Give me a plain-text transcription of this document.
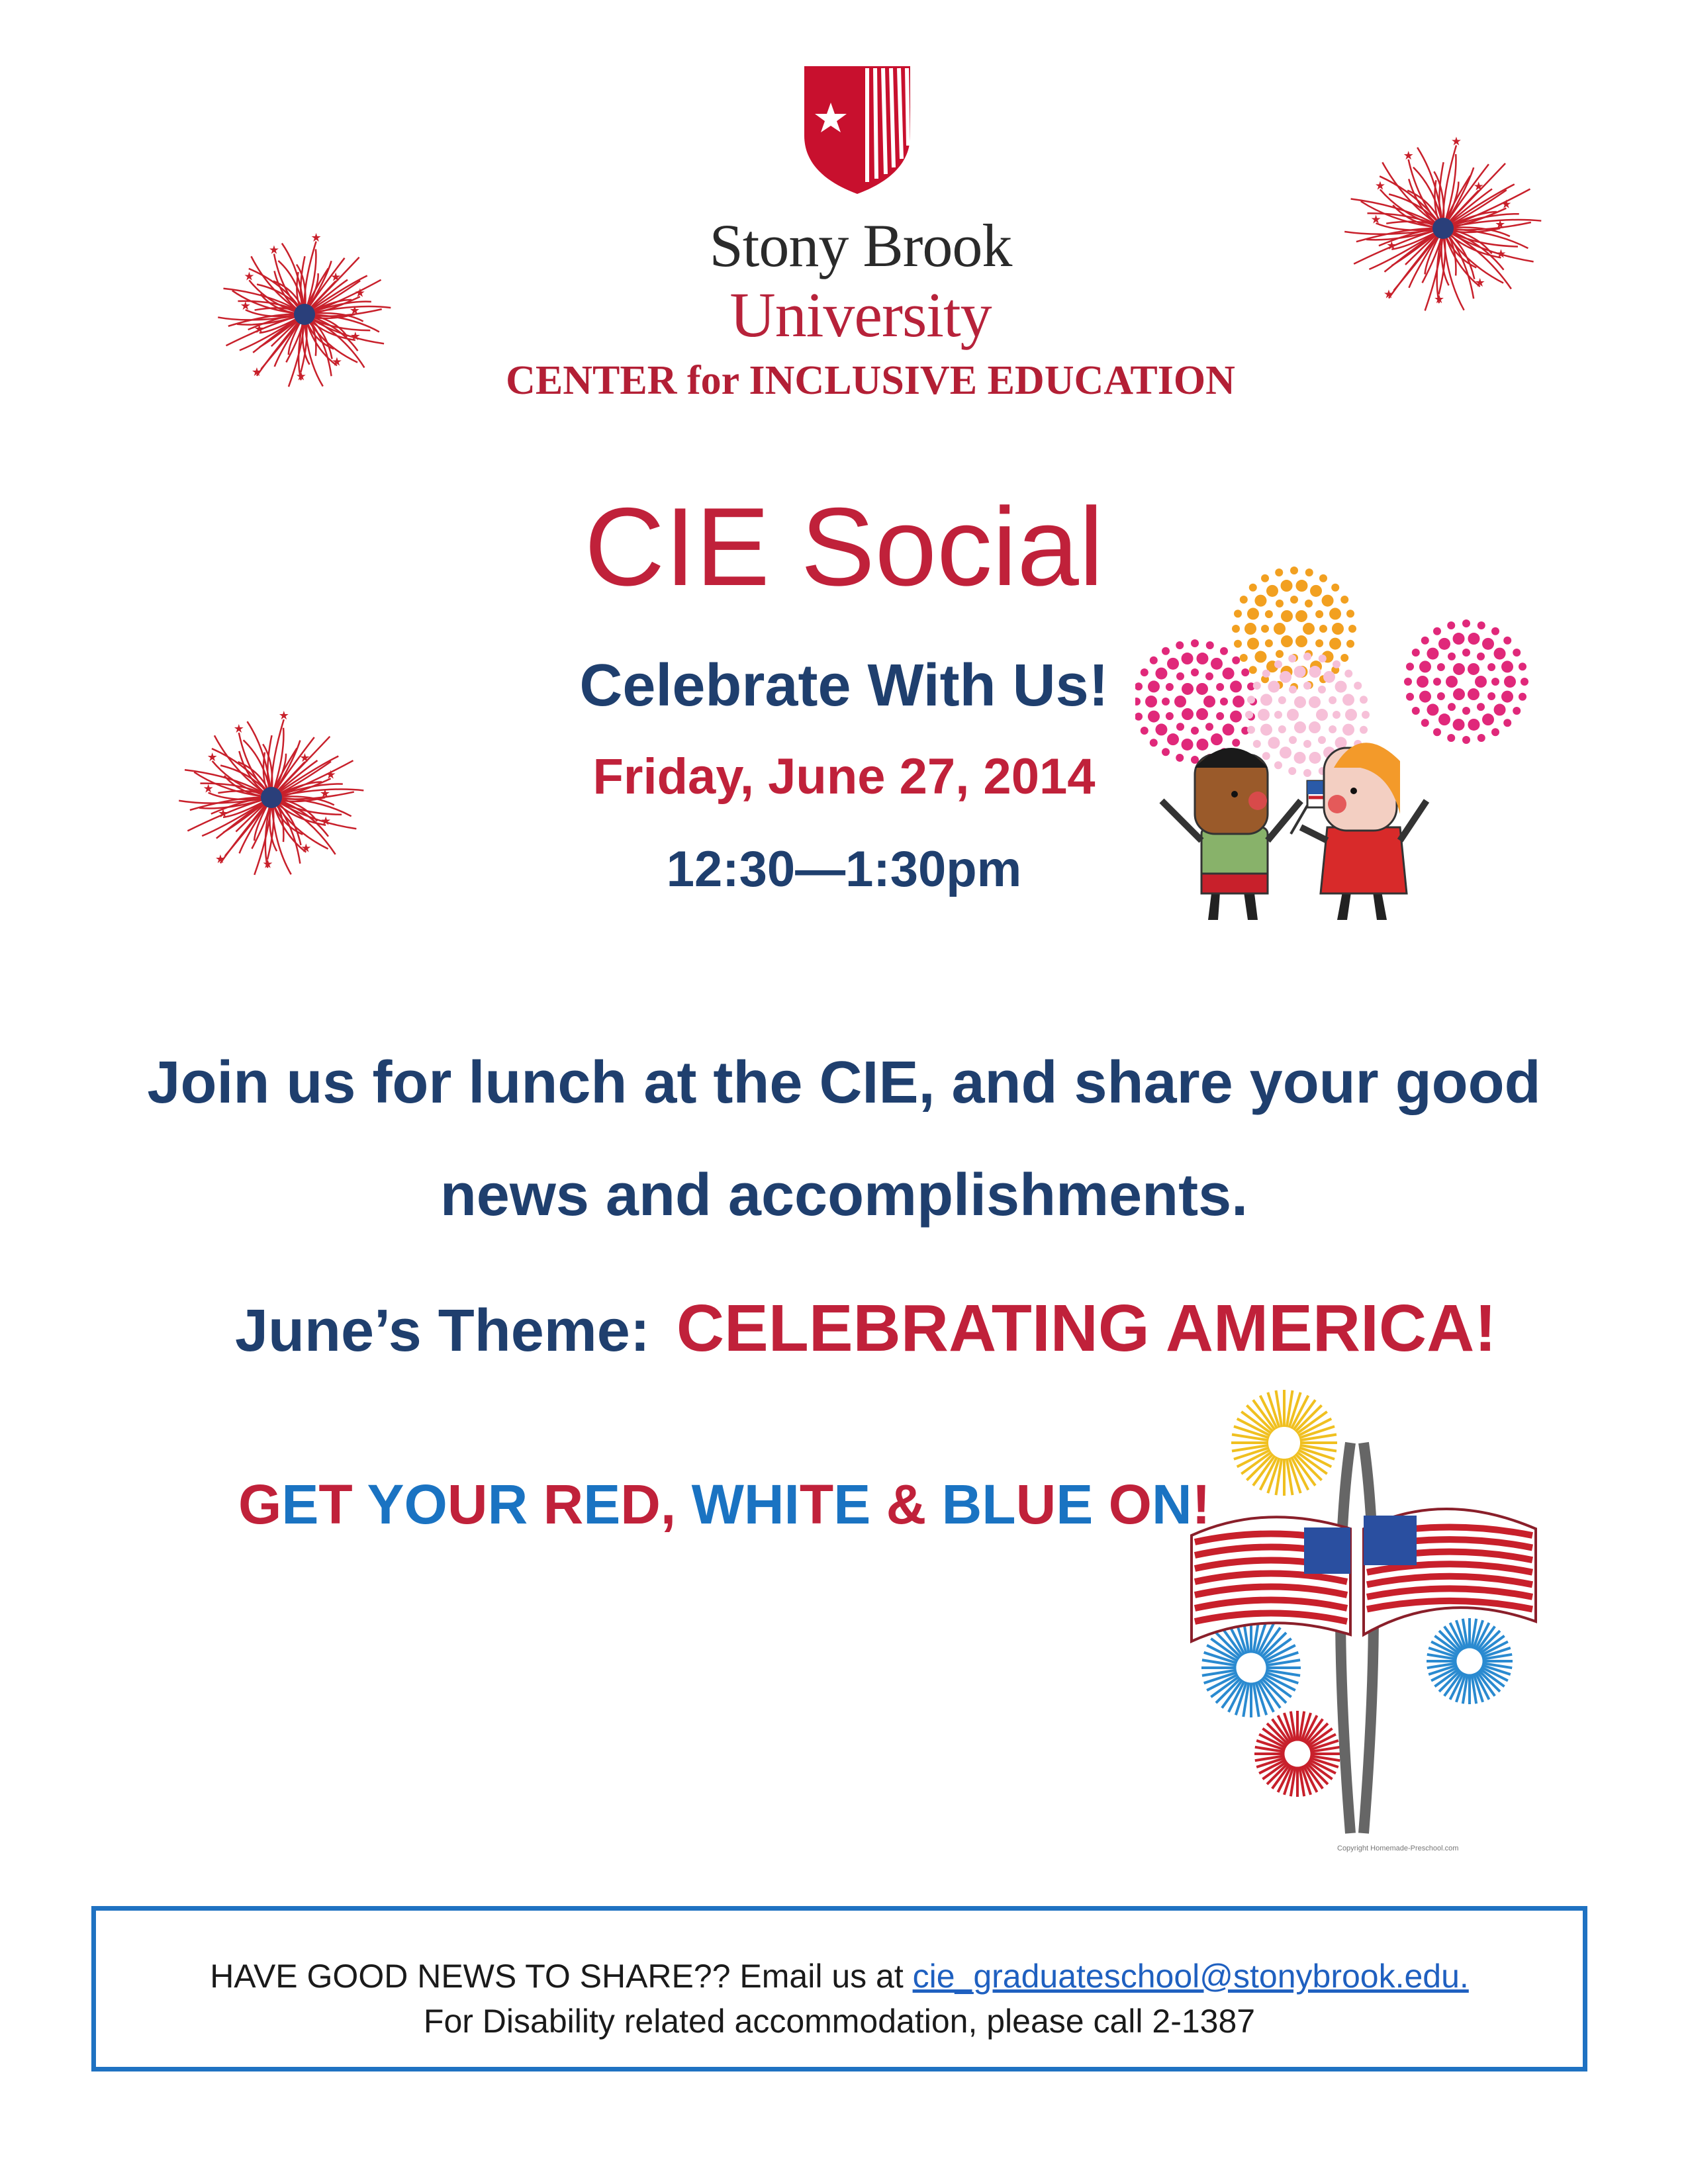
Stony Brook
University
CENTER for INCLUSIVE EDUCATION
★
★
★
★
★
★
★
★
★
★
★
★
★
★
★
★
★
★
★
★
★
★
★
★
★
★
★
★
★
★
★
★
★
★
★
★
CIE Social
Celebrate With Us!
Friday, June 27, 2014
12:30—1:30pm
Join us for lunch at the CIE, and share your good
news and accomplishments.
June’s Theme: CELEBRATING AMERICA!
GET YOUR RED, WHITE & BLUE ON!
Copyright Homemade-Preschool.com
HAVE GOOD NEWS TO SHARE?? Email us at cie_graduateschool@stonybrook.edu.
For Disability related accommodation, please call 2-1387
